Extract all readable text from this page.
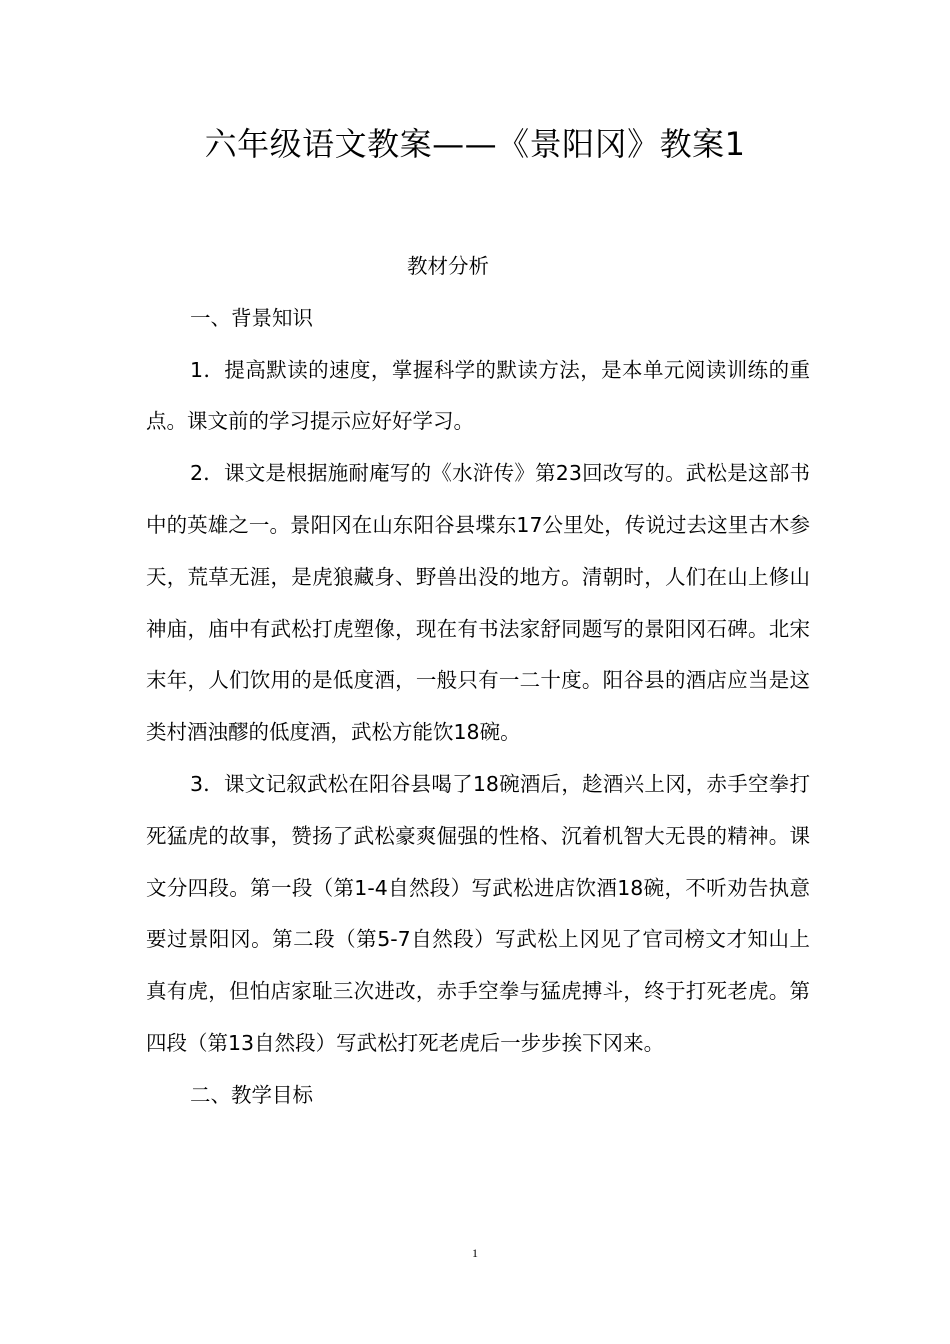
六年级语文教案——《景阳冈》教案1

教材分析

一、背景知识

1．提高默读的速度，掌握科学的默读方法，是本单元阅读训练的重点。课文前的学习提示应好好学习。

2．课文是根据施耐庵写的《水浒传》第23回改写的。武松是这部书中的英雄之一。景阳冈在山东阳谷县堞东17公里处，传说过去这里古木参天，荒草无涯，是虎狼藏身、野兽出没的地方。清朝时，人们在山上修山神庙，庙中有武松打虎塑像，现在有书法家舒同题写的景阳冈石碑。北宋末年，人们饮用的是低度酒，一般只有一二十度。阳谷县的酒店应当是这类村酒浊醪的低度酒，武松方能饮18碗。

3．课文记叙武松在阳谷县喝了18碗酒后，趁酒兴上冈，赤手空拳打死猛虎的故事，赞扬了武松豪爽倔强的性格、沉着机智大无畏的精神。课文分四段。第一段（第1-4自然段）写武松进店饮酒18碗，不听劝告执意要过景阳冈。第二段（第5-7自然段）写武松上冈见了官司榜文才知山上真有虎，但怕店家耻三次进改，赤手空拳与猛虎搏斗，终于打死老虎。第四段（第13自然段）写武松打死老虎后一步步挨下冈来。

二、教学目标

1
